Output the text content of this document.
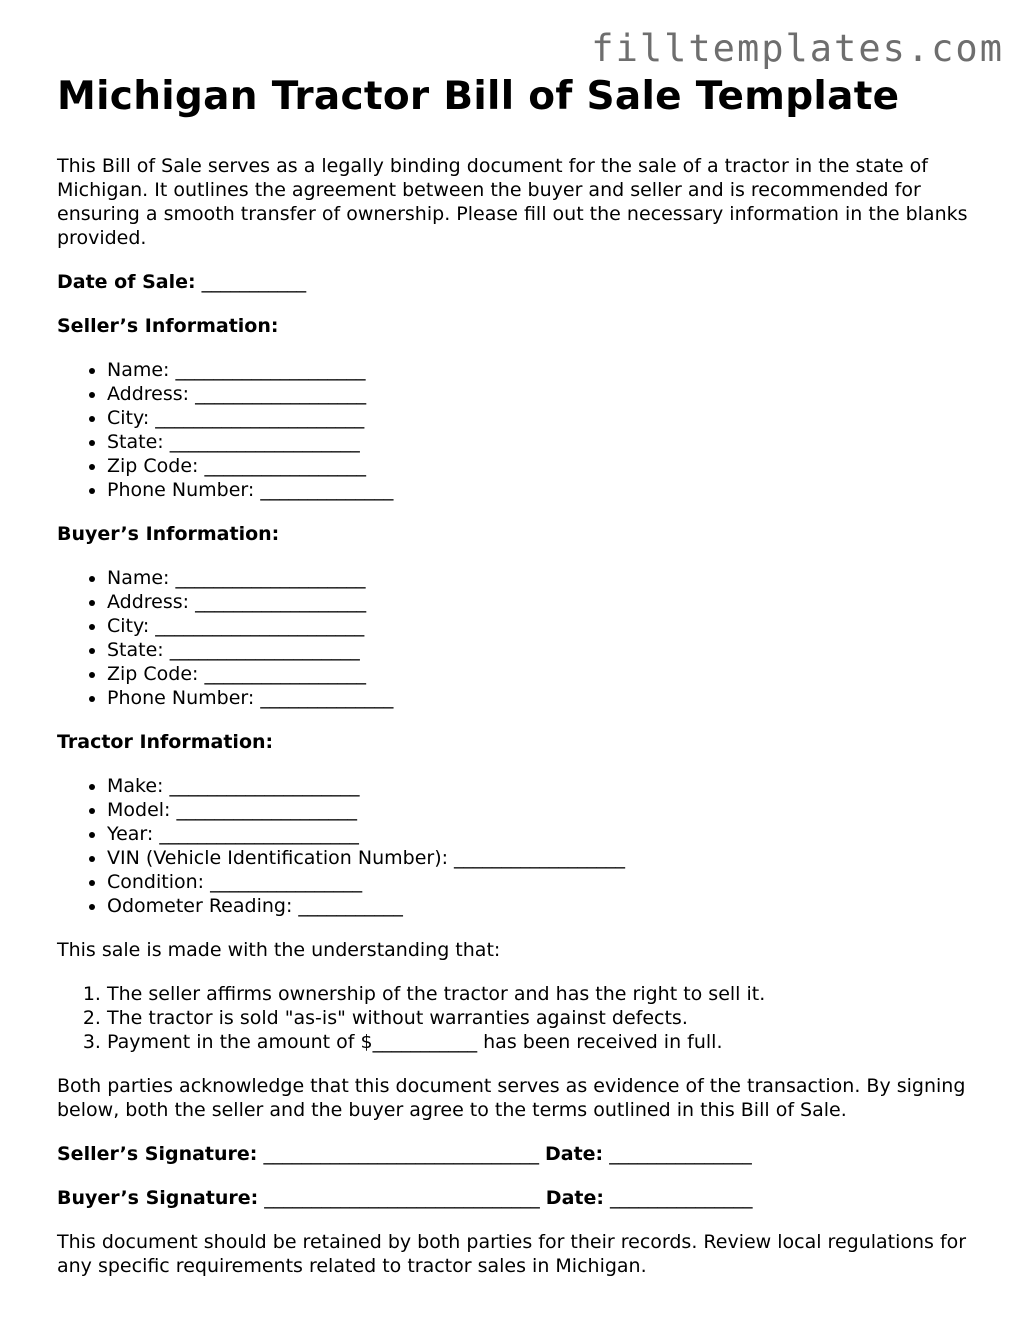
filltemplates.com
Michigan Tractor Bill of Sale Template

This Bill of Sale serves as a legally binding document for the sale of a tractor in the state of Michigan. It outlines the agreement between the buyer and seller and is recommended for ensuring a smooth transfer of ownership. Please fill out the necessary information in the blanks provided.

Date of Sale: ___________

Seller’s Information:

• Name: ____________________
• Address: __________________
• City: ______________________
• State: ____________________
• Zip Code: _________________
• Phone Number: ______________

Buyer’s Information:

• Name: ____________________
• Address: __________________
• City: ______________________
• State: ____________________
• Zip Code: _________________
• Phone Number: ______________

Tractor Information:

• Make: ____________________
• Model: ___________________
• Year: _____________________
• VIN (Vehicle Identification Number): __________________
• Condition: ________________
• Odometer Reading: ___________

This sale is made with the understanding that:

1. The seller affirms ownership of the tractor and has the right to sell it.
2. The tractor is sold "as-is" without warranties against defects.
3. Payment in the amount of $___________ has been received in full.

Both parties acknowledge that this document serves as evidence of the transaction. By signing below, both the seller and the buyer agree to the terms outlined in this Bill of Sale.

Seller’s Signature: _____________________________ Date: _______________
Buyer’s Signature: _____________________________ Date: _______________

This document should be retained by both parties for their records. Review local regulations for any specific requirements related to tractor sales in Michigan.
